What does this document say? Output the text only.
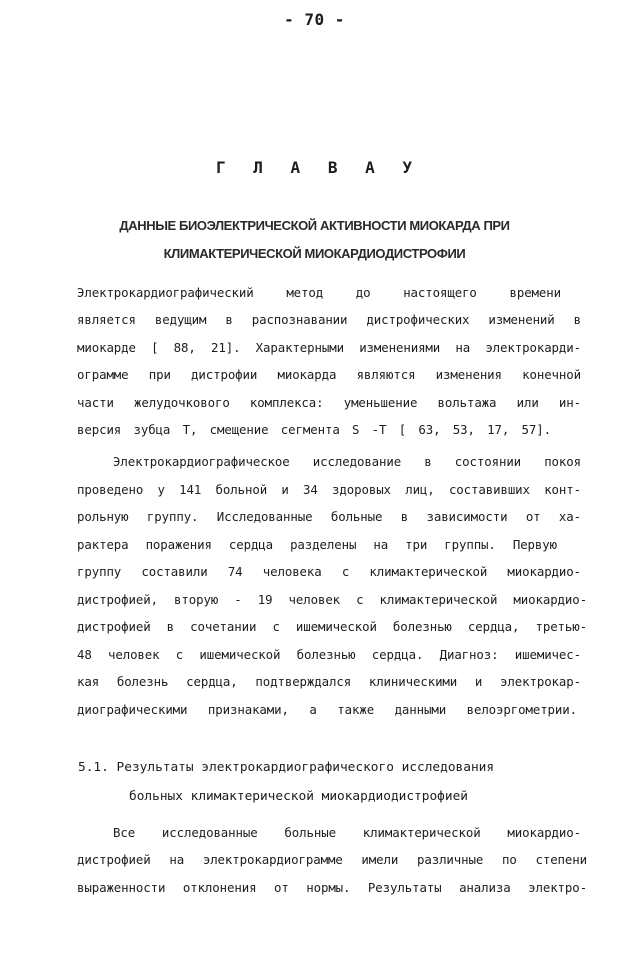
- 70 -
Г Л А В А У
ДАННЫЕ БИОЭЛЕКТРИЧЕСКОЙ АКТИВНОСТИ МИОКАРДА ПРИ
КЛИМАКТЕРИЧЕСКОЙ МИОКАРДИОДИСТРОФИИ
Электрокардиографический метод до настоящего времени
является ведущим в распознавании дистрофических изменений в
миокарде [ 88, 21]. Характерными изменениями на электрокарди-
ограмме при дистрофии миокарда являются изменения конечной
части желудочкового комплекса: уменьшение вольтажа или ин-
версия зубца Т, смещение сегмента S -Т [ 63, 53, 17, 57].
Электрокардиографическое исследование в состоянии покоя
проведено у 141 больной и 34 здоровых лиц, составивших конт-
рольную группу. Исследованные больные в зависимости от ха-
рактера поражения сердца разделены на три группы. Первую
группу составили 74 человека с климактерической миокардио-
дистрофией, вторую - 19 человек с климактерической миокардио-
дистрофией в сочетании с ишемической болезнью сердца, третью-
48 человек с ишемической болезнью сердца. Диагноз: ишемичес-
кая болезнь сердца, подтверждался клиническими и электрокар-
диографическими признаками, а также данными велоэргометрии.
5.1. Результаты электрокардиографического исследования
больных климактерической миокардиодистрофией
Все исследованные больные климактерической миокардио-
дистрофией на электрокардиограмме имели различные по степени
выраженности отклонения от нормы. Результаты анализа электро-
